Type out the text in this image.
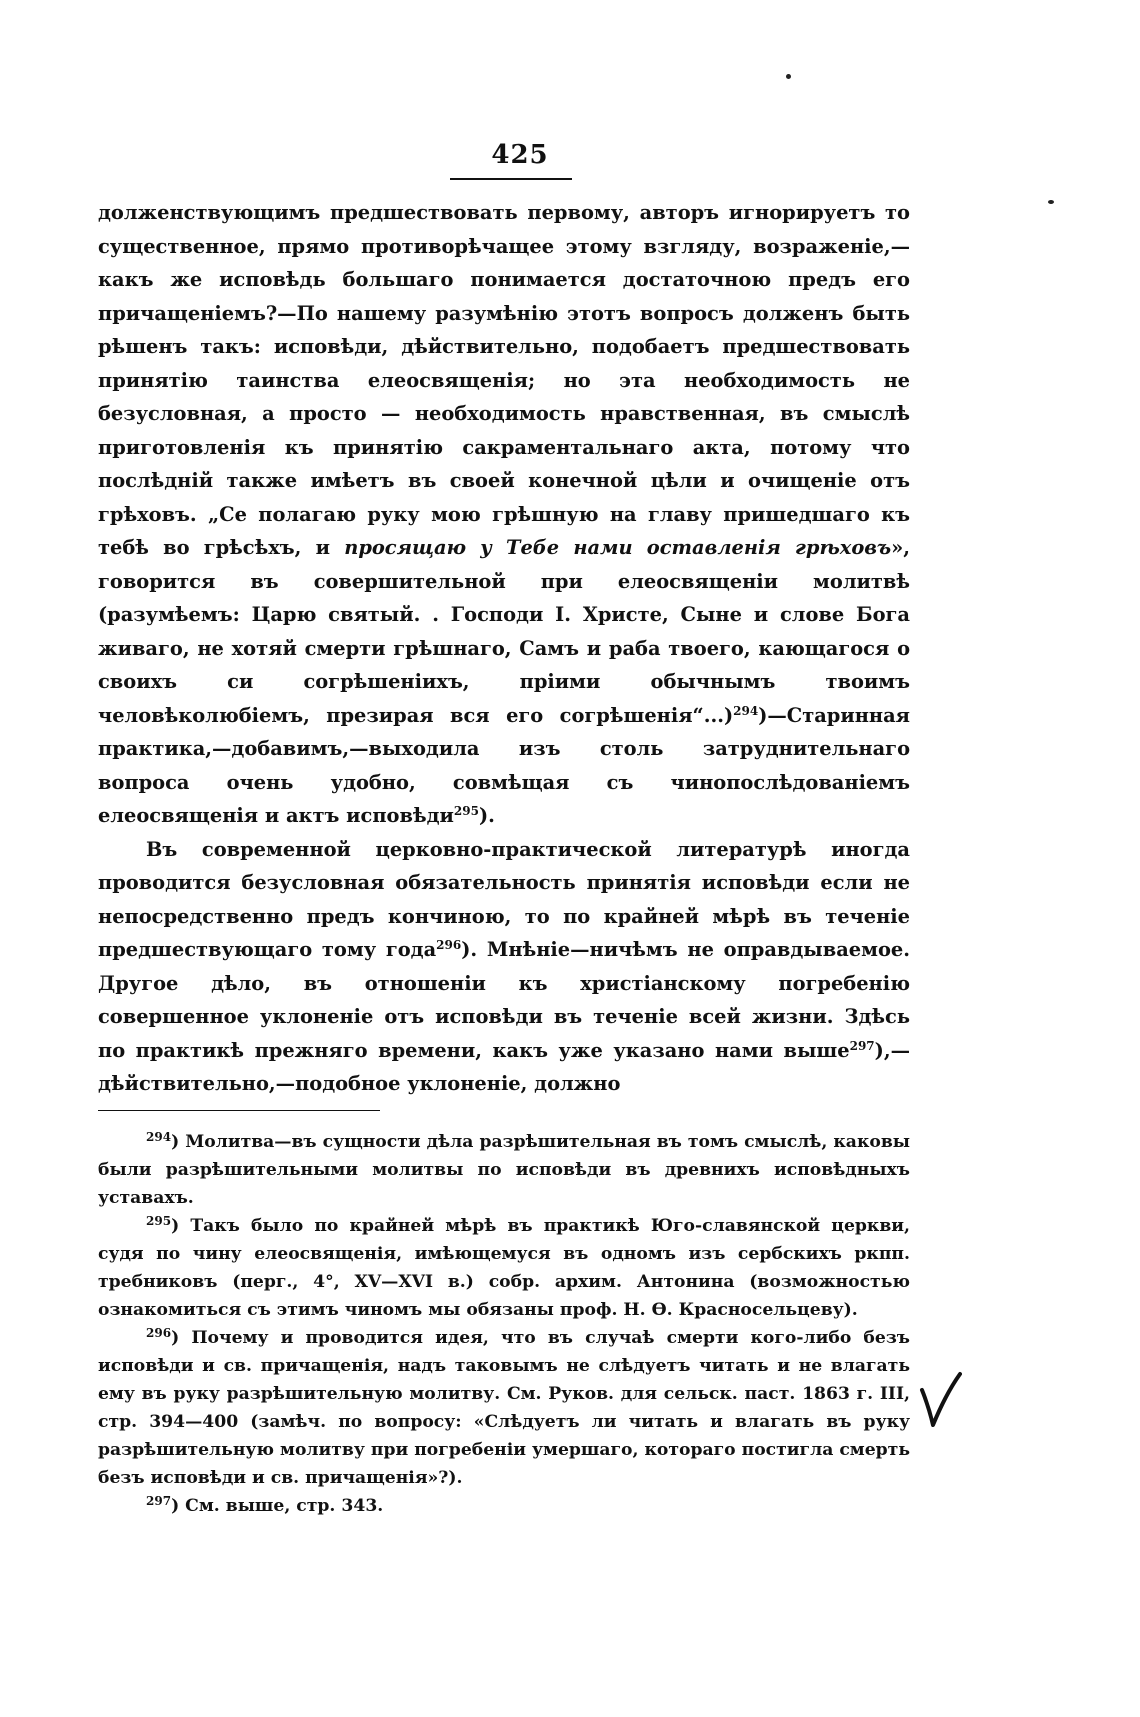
425

долженствующимъ предшествовать первому, авторъ игнорируетъ то существенное, прямо противорѣчащее этому взгляду, возраженіе,—какъ же исповѣдь большаго понимается достаточною предъ его причащеніемъ?—По нашему разумѣнію этотъ вопросъ долженъ быть рѣшенъ такъ: исповѣди, дѣйствительно, подобаетъ предшествовать принятію таинства елеосвященія; но эта необходимость не безусловная, а просто — необходимость нравственная, въ смыслѣ приготовленія къ принятію сакраментальнаго акта, потому что послѣдній также имѣетъ въ своей конечной цѣли и очищеніе отъ грѣховъ. „Се полагаю руку мою грѣшную на главу пришедшаго къ тебѣ во грѣсѣхъ, и просящаю у Тебе нами оставленія грѣховъ», говорится въ совершительной при елеосвященіи молитвѣ (разумѣемъ: Царю святый. . Господи I. Христе, Сыне и слове Бога живаго, не хотяй смерти грѣшнаго, Самъ и раба твоего, кающагося о своихъ си согрѣшеніихъ, пріими обычнымъ твоимъ человѣколюбіемъ, презирая вся его согрѣшенія“...)$^{294}$)—Старинная практика,—добавимъ,—выходила изъ столь затруднительнаго вопроса очень удобно, совмѣщая съ чинопослѣдованіемъ елеосвященія и актъ исповѣди$^{295}$).

Въ современной церковно-практической литературѣ иногда проводится безусловная обязательность принятія исповѣди если не непосредственно предъ кончиною, то по крайней мѣрѣ въ теченіе предшествующаго тому года$^{296}$). Мнѣніе—ничѣмъ не оправдываемое. Другое дѣло, въ отношеніи къ христіанскому погребенію совершенное уклоненіе отъ исповѣди въ теченіе всей жизни. Здѣсь по практикѣ прежняго времени, какъ уже указано нами выше$^{297}$),—дѣйствительно,—подобное уклоненіе, должно

$^{294}$) Молитва—въ сущности дѣла разрѣшительная въ томъ смыслѣ, каковы были разрѣшительными молитвы по исповѣди въ древнихъ исповѣдныхъ уставахъ.

$^{295}$) Такъ было по крайней мѣрѣ въ практикѣ Юго-славянской церкви, судя по чину елеосвященія, имѣющемуся въ одномъ изъ сербскихъ ркпп. требниковъ (перг., 4°, XV—XVI в.) собр. архим. Антонина (возможностью ознакомиться съ этимъ чиномъ мы обязаны проф. Н. Ѳ. Красносельцеву).

$^{296}$) Почему и проводится идея, что въ случаѣ смерти кого-либо безъ исповѣди и св. причащенія, надъ таковымъ не слѣдуетъ читать и не влагать ему въ руку разрѣшительную молитву. См. Руков. для сельск. паст. 1863 г. III, стр. 394—400 (замѣч. по вопросу: «Слѣдуетъ ли читать и влагать въ руку разрѣшительную молитву при погребеніи умершаго, котораго постигла смерть безъ исповѣди и св. причащенія»?).

$^{297}$) См. выше, стр. 343.
